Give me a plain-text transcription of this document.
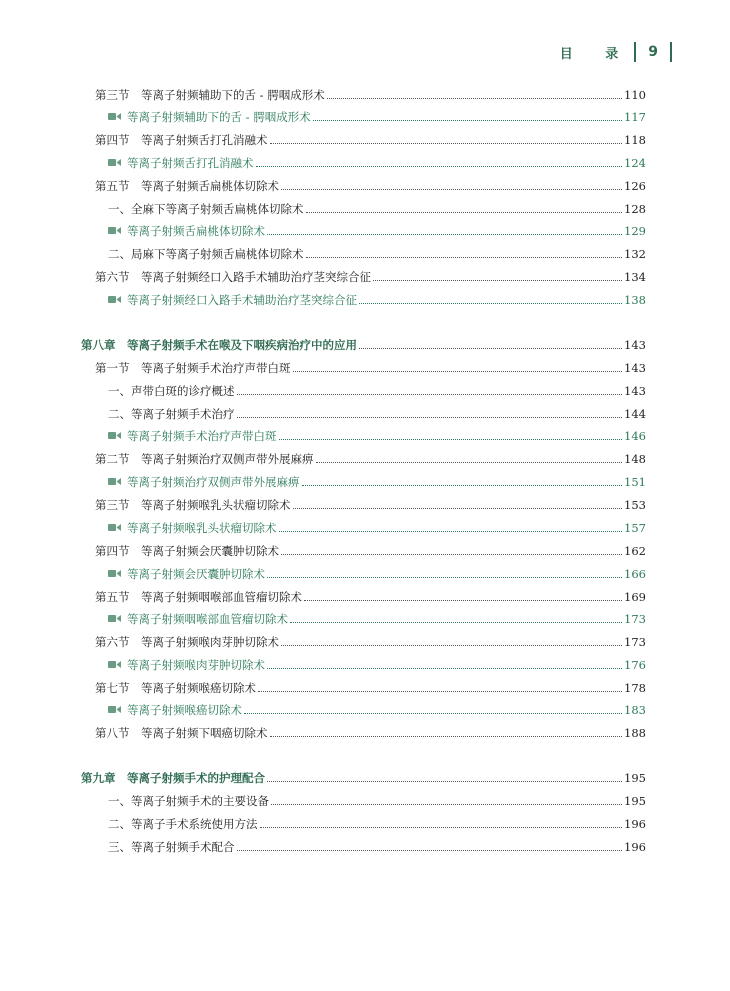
目 录 9
第三节　等离子射频辅助下的舌 - 腭咽成形术	110
等离子射频辅助下的舌 - 腭咽成形术	117
第四节　等离子射频舌打孔消融术	118
等离子射频舌打孔消融术	124
第五节　等离子射频舌扁桃体切除术	126
一、全麻下等离子射频舌扁桃体切除术	128
等离子射频舌扁桃体切除术	129
二、局麻下等离子射频舌扁桃体切除术	132
第六节　等离子射频经口入路手术辅助治疗茎突综合征	134
等离子射频经口入路手术辅助治疗茎突综合征	138
第八章　等离子射频手术在喉及下咽疾病治疗中的应用	143
第一节　等离子射频手术治疗声带白斑	143
一、声带白斑的诊疗概述	143
二、等离子射频手术治疗	144
等离子射频手术治疗声带白斑	146
第二节　等离子射频治疗双侧声带外展麻痹	148
等离子射频治疗双侧声带外展麻痹	151
第三节　等离子射频喉乳头状瘤切除术	153
等离子射频喉乳头状瘤切除术	157
第四节　等离子射频会厌囊肿切除术	162
等离子射频会厌囊肿切除术	166
第五节　等离子射频咽喉部血管瘤切除术	169
等离子射频咽喉部血管瘤切除术	173
第六节　等离子射频喉肉芽肿切除术	173
等离子射频喉肉芽肿切除术	176
第七节　等离子射频喉癌切除术	178
等离子射频喉癌切除术	183
第八节　等离子射频下咽癌切除术	188
第九章　等离子射频手术的护理配合	195
一、等离子射频手术的主要设备	195
二、等离子手术系统使用方法	196
三、等离子射频手术配合	196
